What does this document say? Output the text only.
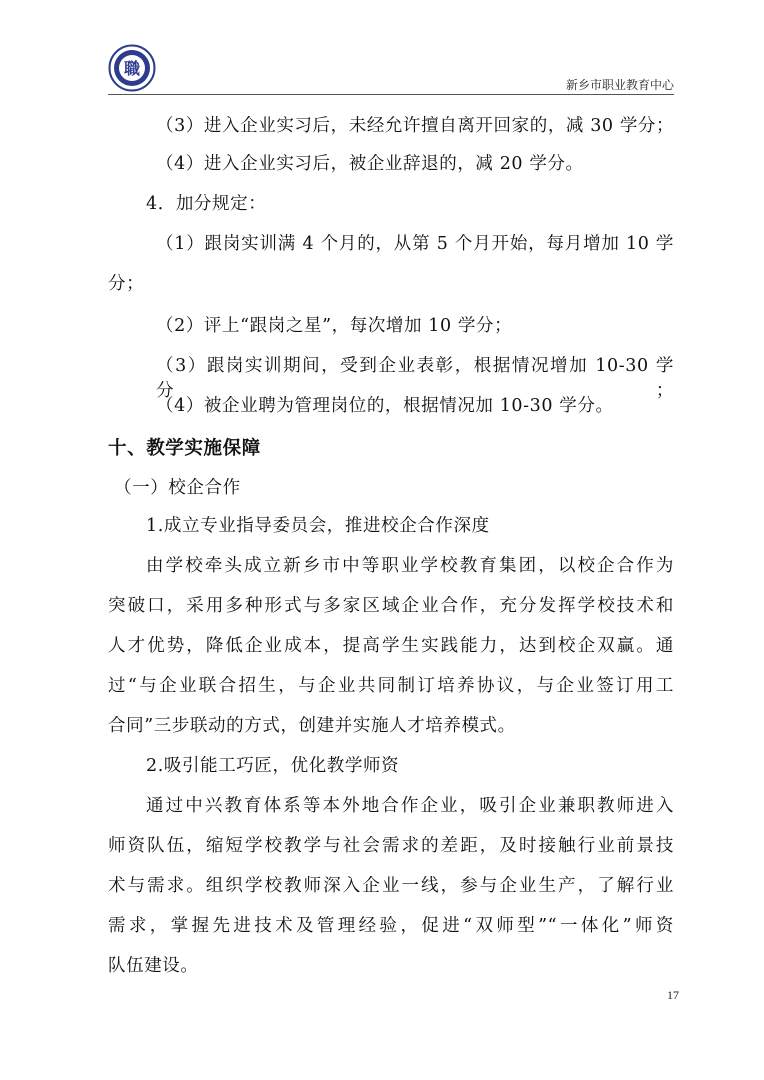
職
新乡市职业教育中心
（3）进入企业实习后，未经允许擅自离开回家的，减 30 学分；
（4）进入企业实习后，被企业辞退的，减 20 学分。
4．加分规定：
（1）跟岗实训满 4 个月的，从第 5 个月开始，每月增加 10 学
分；
（2）评上“跟岗之星”，每次增加 10 学分；
（3）跟岗实训期间，受到企业表彰，根据情况增加 10-30 学分；
（4）被企业聘为管理岗位的，根据情况加 10-30 学分。
十、教学实施保障
（一）校企合作
1.成立专业指导委员会，推进校企合作深度
由学校牵头成立新乡市中等职业学校教育集团，以校企合作为
突破口，采用多种形式与多家区域企业合作，充分发挥学校技术和
人才优势，降低企业成本，提高学生实践能力，达到校企双赢。通
过“与企业联合招生，与企业共同制订培养协议，与企业签订用工
合同”三步联动的方式，创建并实施人才培养模式。
2.吸引能工巧匠，优化教学师资
通过中兴教育体系等本外地合作企业，吸引企业兼职教师进入
师资队伍，缩短学校教学与社会需求的差距，及时接触行业前景技
术与需求。组织学校教师深入企业一线，参与企业生产，了解行业
需求，掌握先进技术及管理经验，促进“双师型”“一体化”师资
队伍建设。
17
